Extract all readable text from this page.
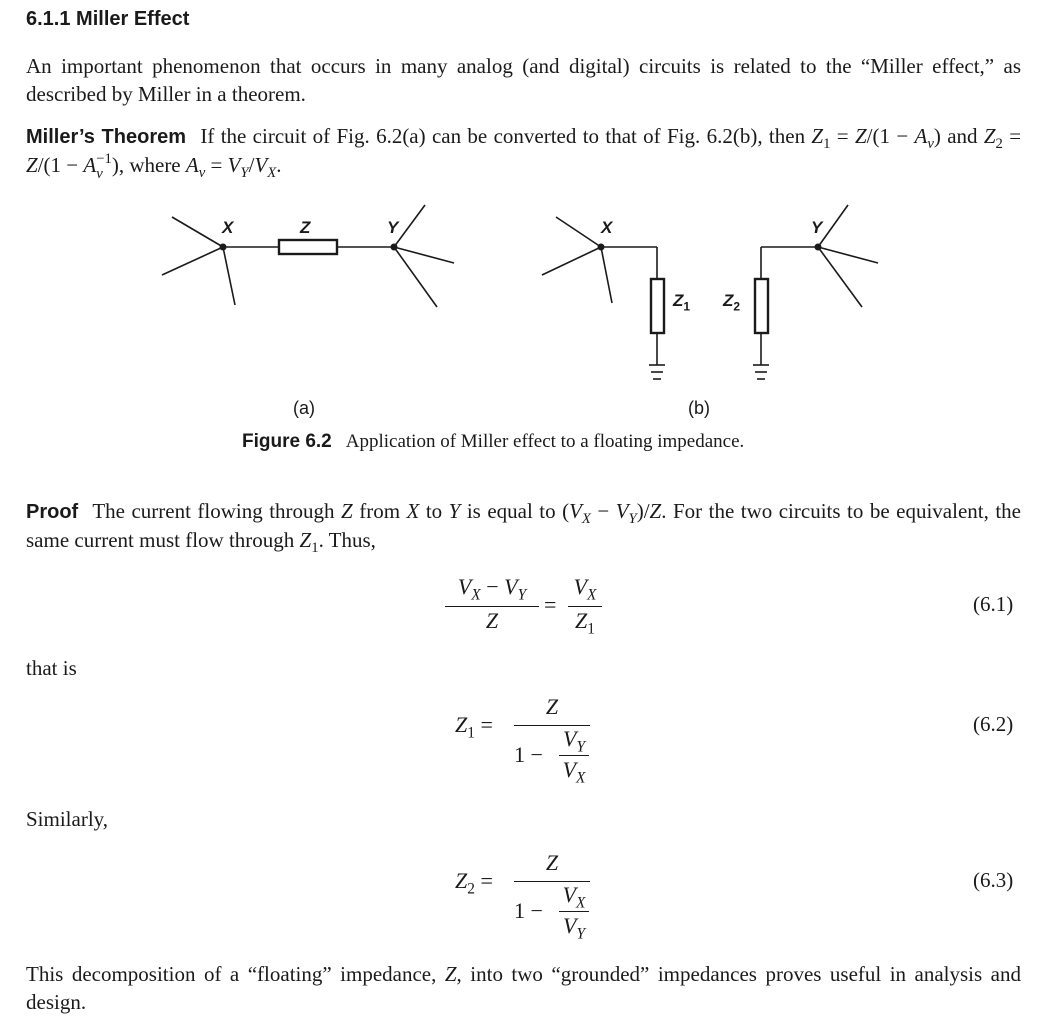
6.1.1 Miller Effect

An important phenomenon that occurs in many analog (and digital) circuits is related to the “Miller effect,” as described by Miller in a theorem.

Miller’s Theorem If the circuit of Fig. 6.2(a) can be converted to that of Fig. 6.2(b), then $Z_1 = Z/(1 - A_v)$ and $Z_2 = Z/(1 - A -1$
v ), where $A_v = V_Y/V_X$.
X	Z	Y	X	Y
$Z_1$ $Z_2$
(a)	(b)
Figure 6.2 Application of Miller effect to a floating impedance.
Proof The current flowing through Z from X to Y is equal to $(V_X - V_Y)/Z$. For the two circuits to be equivalent, the same current must flow through $Z_1$. Thus,
$V_X - V_Y$
Z
=
$V_X$
$Z_1$
(6.1)
that is
$Z_1$ =
Z
1 −
$V_Y$
$V_X$
(6.2)
Similarly,
$Z_2$ =
Z
1 −
$V_X$
$V_Y$
(6.3)
This decomposition of a “floating” impedance, Z, into two “grounded” impedances proves useful in analysis and design.
